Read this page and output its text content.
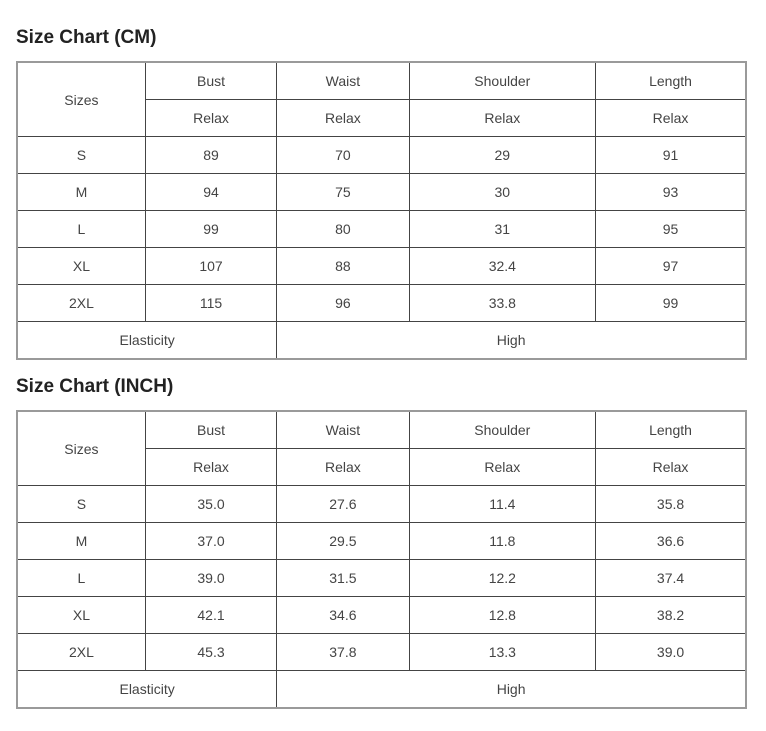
Size Chart (CM)
Sizes	Bust	Waist	Shoulder	Length
	Relax	Relax	Relax	Relax
S	89	70	29	91
M	94	75	30	93
L	99	80	31	95
XL	107	88	32.4	97
2XL	115	96	33.8	99
Elasticity		High		
Size Chart (INCH)
Sizes	Bust	Waist	Shoulder	Length
	Relax	Relax	Relax	Relax
S	35.0	27.6	11.4	35.8
M	37.0	29.5	11.8	36.6
L	39.0	31.5	12.2	37.4
XL	42.1	34.6	12.8	38.2
2XL	45.3	37.8	13.3	39.0
Elasticity		High		
